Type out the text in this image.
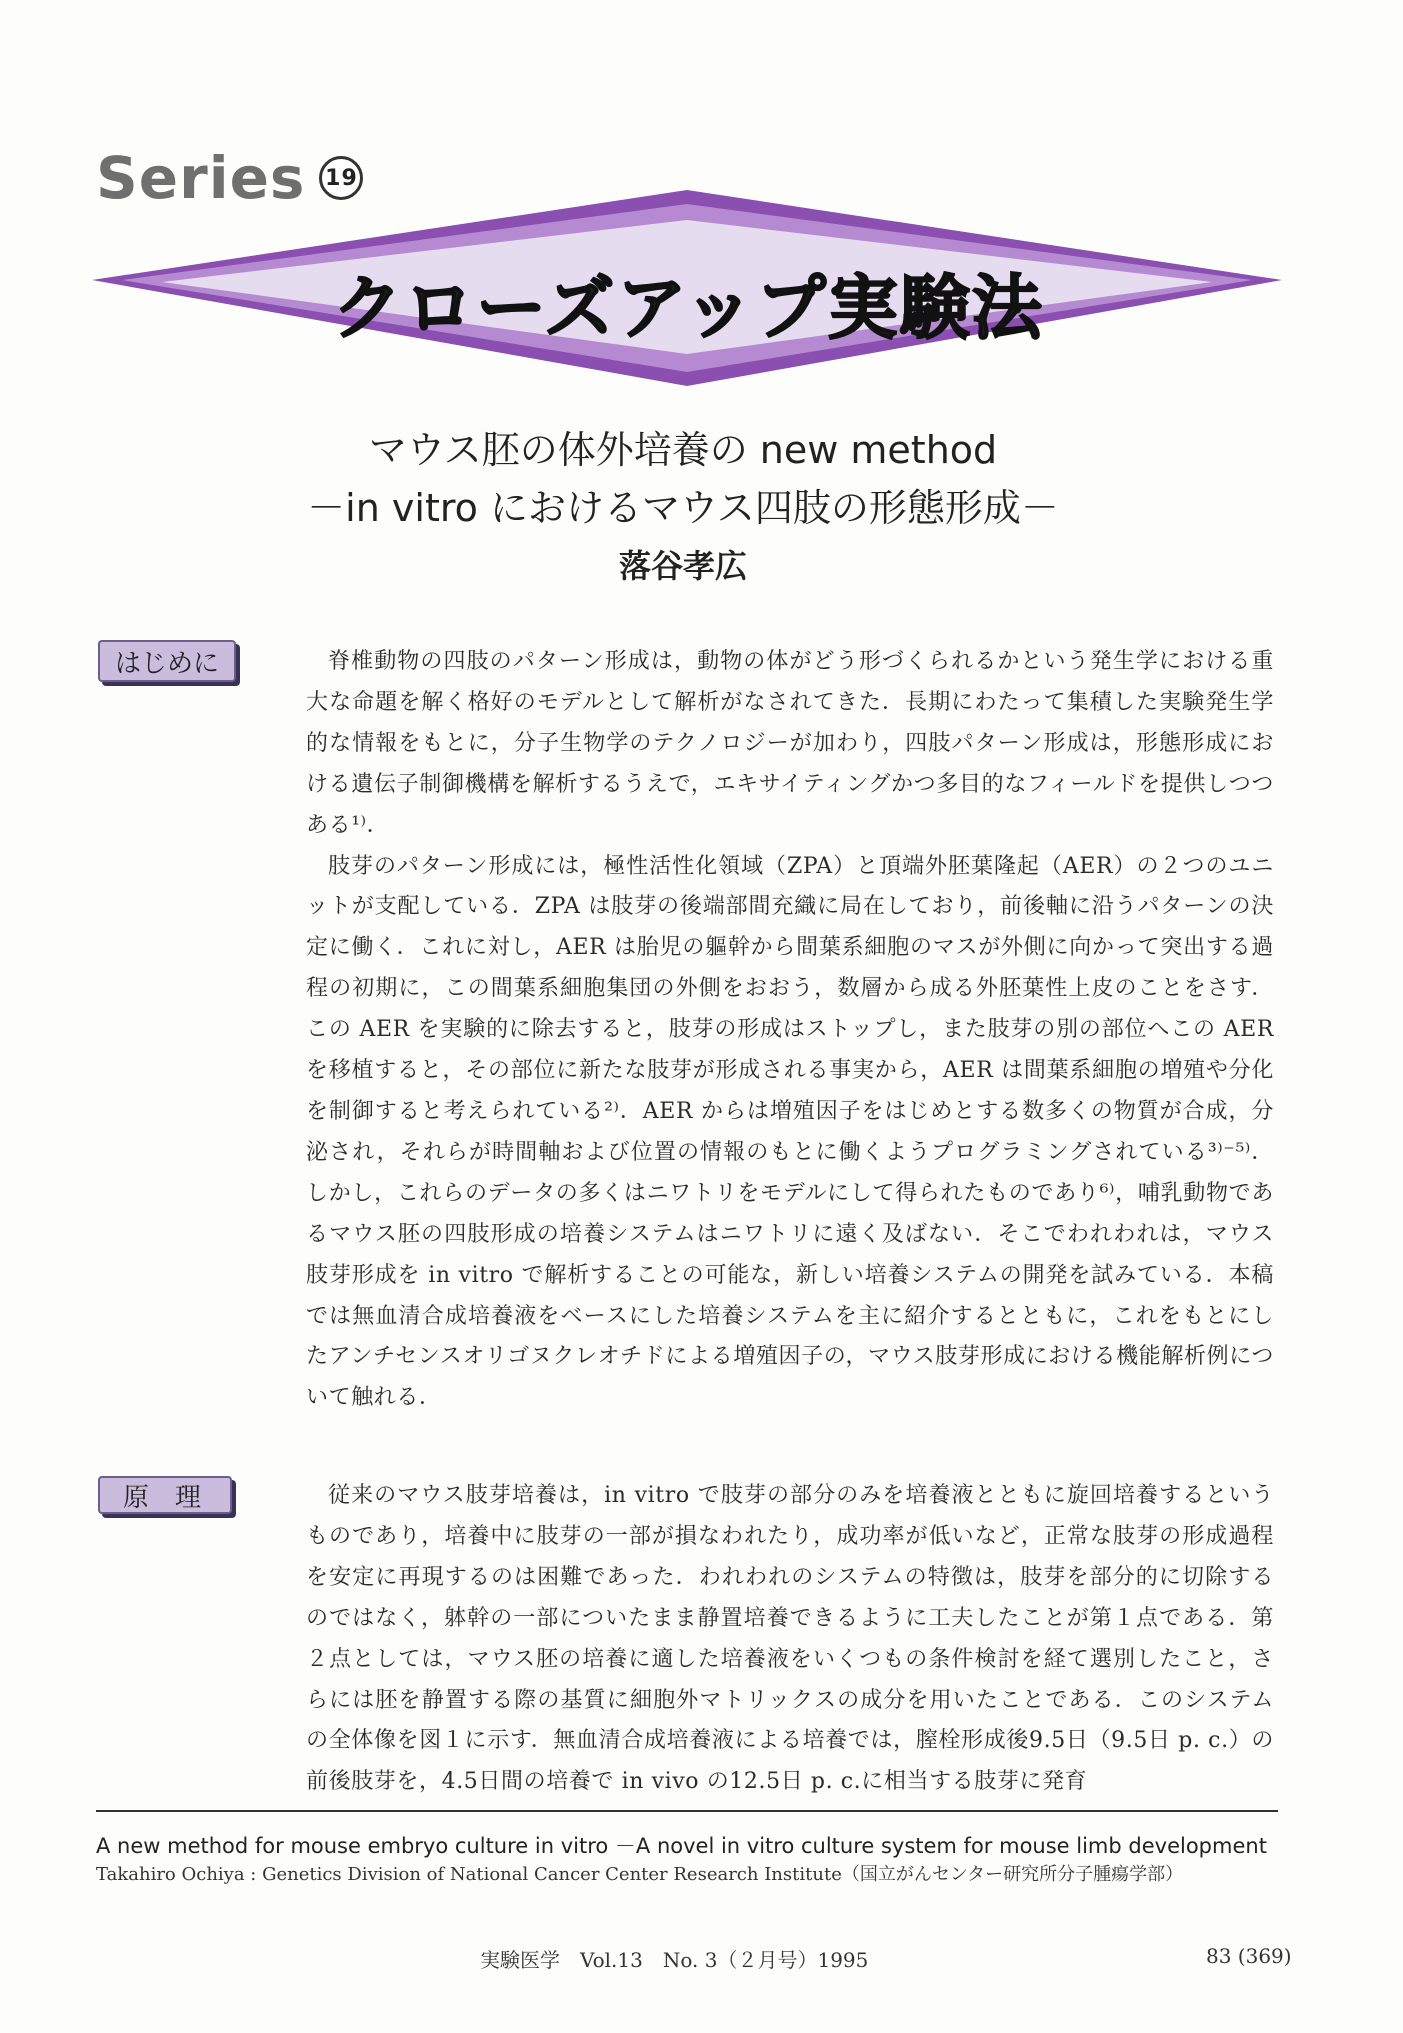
Series 19
クローズアップ実験法
マウス胚の体外培養の new method
－in vitro におけるマウス四肢の形態形成－
落谷孝広
はじめに	脊椎動物の四肢のパターン形成は，動物の体がどう形づくられるかという発生学における重大な命題を解く格好のモデルとして解析がなされてきた．長期にわたって集積した実験発生学的な情報をもとに，分子生物学のテクノロジーが加わり，四肢パターン形成は，形態形成における遺伝子制御機構を解析するうえで，エキサイティングかつ多目的なフィールドを提供しつつある¹⁾．

肢芽のパターン形成には，極性活性化領域（ZPA）と頂端外胚葉隆起（AER）の２つのユニットが支配している．ZPA は肢芽の後端部間充織に局在しており，前後軸に沿うパターンの決定に働く．これに対し，AER は胎児の軀幹から間葉系細胞のマスが外側に向かって突出する過程の初期に，この間葉系細胞集団の外側をおおう，数層から成る外胚葉性上皮のことをさす．この AER を実験的に除去すると，肢芽の形成はストップし，また肢芽の別の部位へこの AER を移植すると，その部位に新たな肢芽が形成される事実から，AER は間葉系細胞の増殖や分化を制御すると考えられている²⁾．AER からは増殖因子をはじめとする数多くの物質が合成，分泌され，それらが時間軸および位置の情報のもとに働くようプログラミングされている³⁾⁻⁵⁾．しかし，これらのデータの多くはニワトリをモデルにして得られたものであり⁶⁾，哺乳動物であるマウス胚の四肢形成の培養システムはニワトリに遠く及ばない．そこでわれわれは，マウス肢芽形成を in vitro で解析することの可能な，新しい培養システムの開発を試みている．本稿では無血清合成培養液をベースにした培養システムを主に紹介するとともに，これをもとにしたアンチセンスオリゴヌクレオチドによる増殖因子の，マウス肢芽形成における機能解析例について触れる．

原理	従来のマウス肢芽培養は，in vitro で肢芽の部分のみを培養液とともに旋回培養するというものであり，培養中に肢芽の一部が損なわれたり，成功率が低いなど，正常な肢芽の形成過程を安定に再現するのは困難であった．われわれのシステムの特徴は，肢芽を部分的に切除するのではなく，躰幹の一部についたまま静置培養できるように工夫したことが第１点である．第２点としては，マウス胚の培養に適した培養液をいくつもの条件検討を経て選別したこと，さらには胚を静置する際の基質に細胞外マトリックスの成分を用いたことである．このシステムの全体像を図１に示す．無血清合成培養液による培養では，膣栓形成後9.5日（9.5日 p. c.）の前後肢芽を，4.5日間の培養で in vivo の12.5日 p. c.に相当する肢芽に発育

A new method for mouse embryo culture in vitro －A novel in vitro culture system for mouse limb development
Takahiro Ochiya : Genetics Division of National Cancer Center Research Institute（国立がんセンター研究所分子腫瘍学部）
実験医学　Vol.13　No. 3（２月号）1995	83 (369)
